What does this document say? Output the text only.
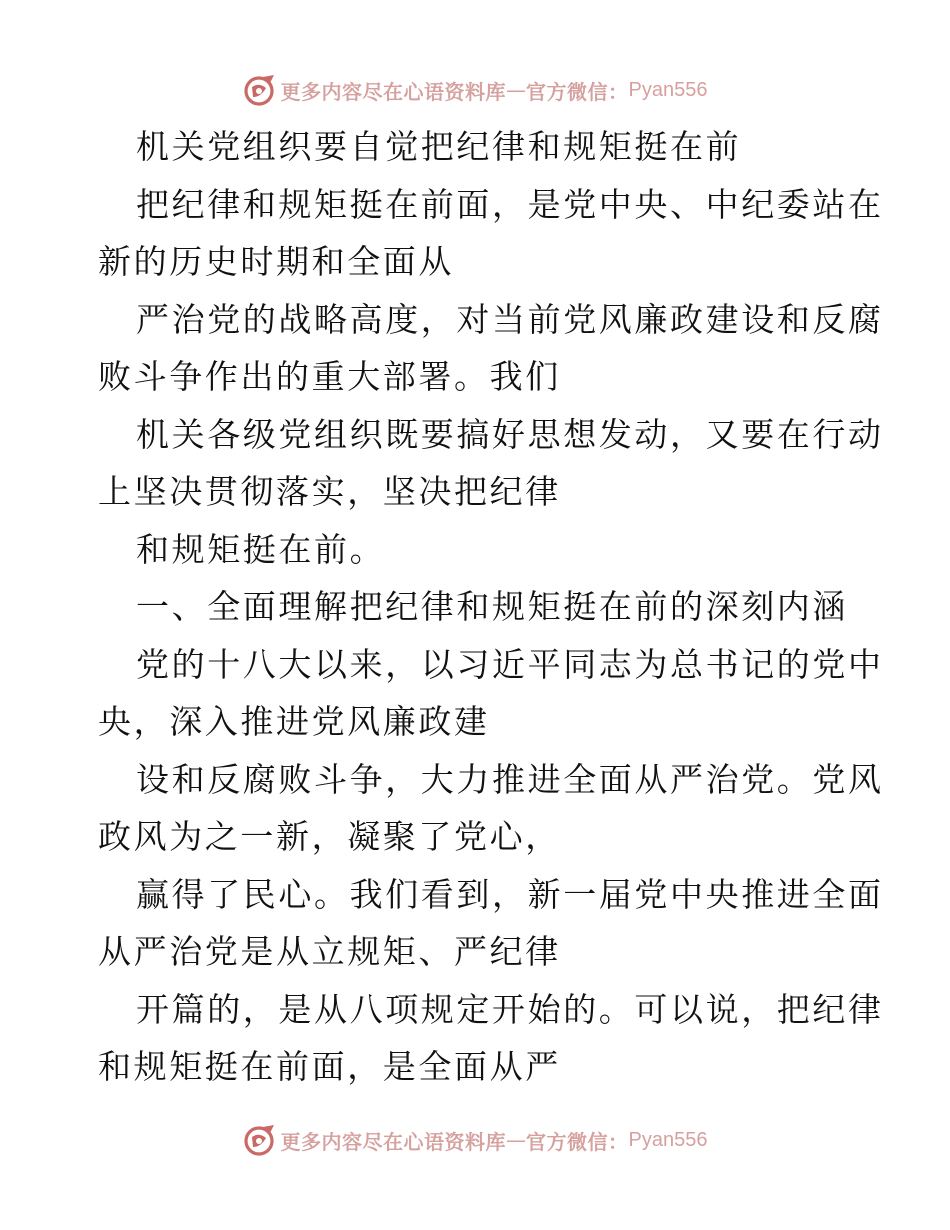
更多内容尽在心语资料库 — 官方微信： Pyan556
机关党组织要自觉把纪律和规矩挺在前
把纪律和规矩挺在前面，是党中央、中纪委站在
新的历史时期和全面从
严治党的战略高度，对当前党风廉政建设和反腐
败斗争作出的重大部署。我们
机关各级党组织既要搞好思想发动，又要在行动
上坚决贯彻落实，坚决把纪律
和规矩挺在前。
一、全面理解把纪律和规矩挺在前的深刻内涵
党的十八大以来，以习近平同志为总书记的党中
央，深入推进党风廉政建
设和反腐败斗争，大力推进全面从严治党。党风
政风为之一新，凝聚了党心，
赢得了民心。我们看到，新一届党中央推进全面
从严治党是从立规矩、严纪律
开篇的，是从八项规定开始的。可以说，把纪律
和规矩挺在前面，是全面从严
更多内容尽在心语资料库 — 官方微信： Pyan556
